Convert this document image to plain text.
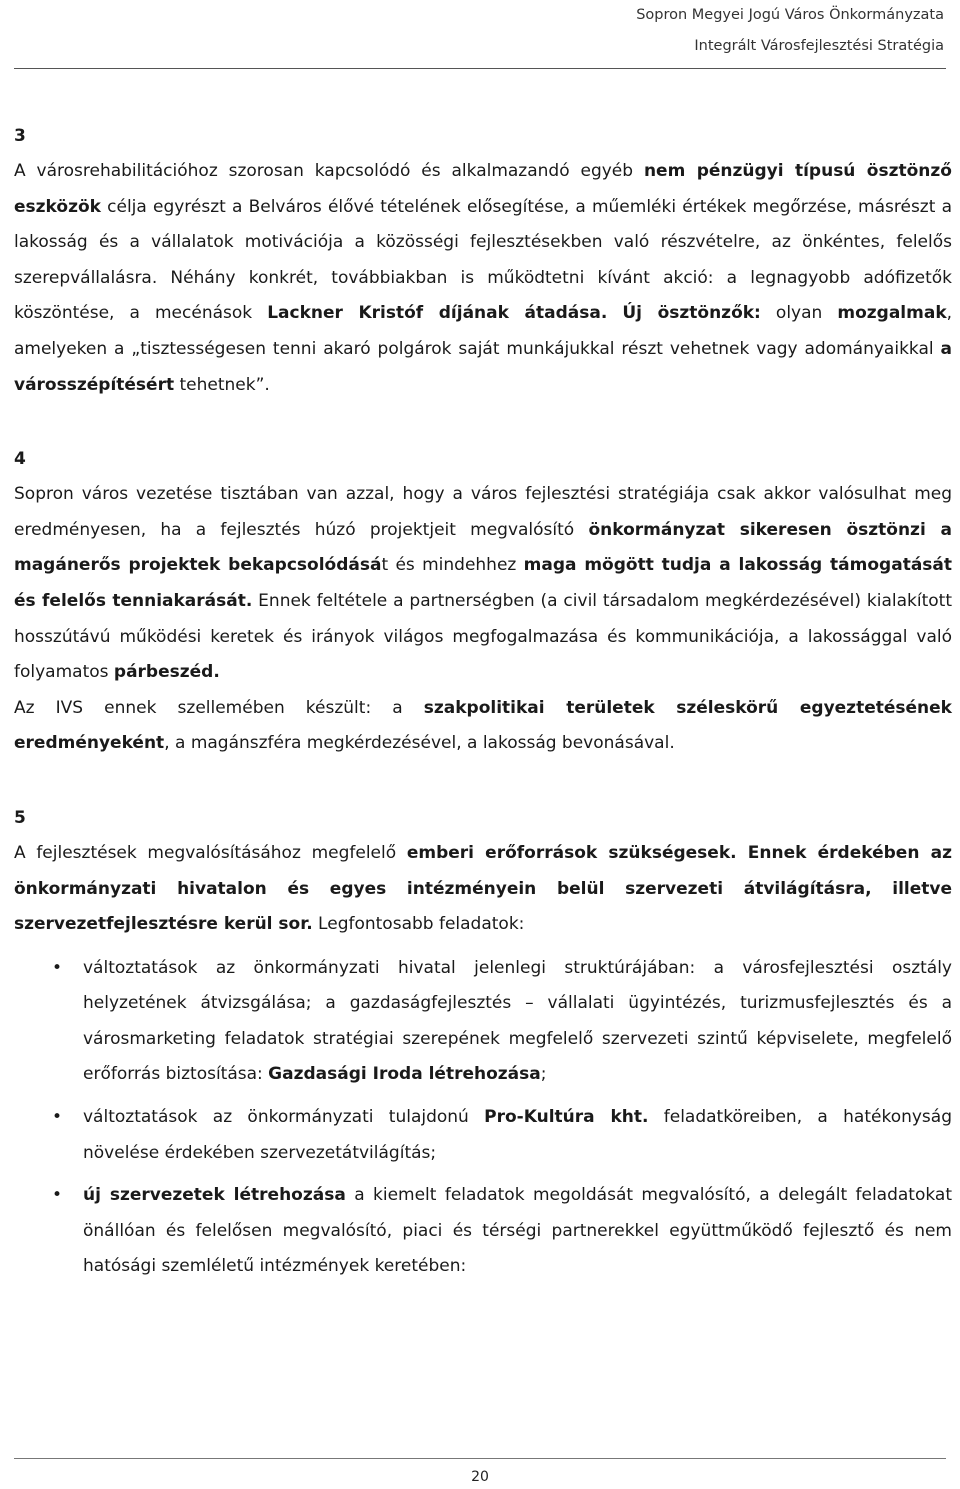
Sopron Megyei Jogú Város Önkormányzata
Integrált Városfejlesztési Stratégia

3

A városrehabilitációhoz szorosan kapcsolódó és alkalmazandó egyéb nem pénzügyi típusú ösztönző eszközök célja egyrészt a Belváros élővé tételének elősegítése, a műemléki értékek megőrzése, másrészt a lakosság és a vállalatok motivációja a közösségi fejlesztésekben való részvételre, az önkéntes, felelős szerepvállalásra. Néhány konkrét, továbbiakban is működtetni kívánt akció: a legnagyobb adófizetők köszöntése, a mecénások Lackner Kristóf díjának átadása. Új ösztönzők: olyan mozgalmak, amelyeken a „tisztességesen tenni akaró polgárok saját munkájukkal részt vehetnek vagy adományaikkal a városszépítésért tehetnek”.

4

Sopron város vezetése tisztában van azzal, hogy a város fejlesztési stratégiája csak akkor valósulhat meg eredményesen, ha a fejlesztés húzó projektjeit megvalósító önkormányzat sikeresen ösztönzi a magánerős projektek bekapcsolódását és mindehhez maga mögött tudja a lakosság támogatását és felelős tenniakarását. Ennek feltétele a partnerségben (a civil társadalom megkérdezésével) kialakított hosszútávú működési keretek és irányok világos megfogalmazása és kommunikációja, a lakossággal való folyamatos párbeszéd.

Az IVS ennek szellemében készült: a szakpolitikai területek széleskörű egyeztetésének eredményeként, a magánszféra megkérdezésével, a lakosság bevonásával.

5

A fejlesztések megvalósításához megfelelő emberi erőforrások szükségesek. Ennek érdekében az önkormányzati hivatalon és egyes intézményein belül szervezeti átvilágításra, illetve szervezetfejlesztésre kerül sor. Legfontosabb feladatok:

• változtatások az önkormányzati hivatal jelenlegi struktúrájában: a városfejlesztési osztály helyzetének átvizsgálása; a gazdaságfejlesztés – vállalati ügyintézés, turizmusfejlesztés és a városmarketing feladatok stratégiai szerepének megfelelő szervezeti szintű képviselete, megfelelő erőforrás biztosítása: Gazdasági Iroda létrehozása;
• változtatások az önkormányzati tulajdonú Pro-Kultúra kht. feladatköreiben, a hatékonyság növelése érdekében szervezetátvilágítás;
• új szervezetek létrehozása a kiemelt feladatok megoldását megvalósító, a delegált feladatokat önállóan és felelősen megvalósító, piaci és térségi partnerekkel együttműködő fejlesztő és nem hatósági szemléletű intézmények keretében:
20
